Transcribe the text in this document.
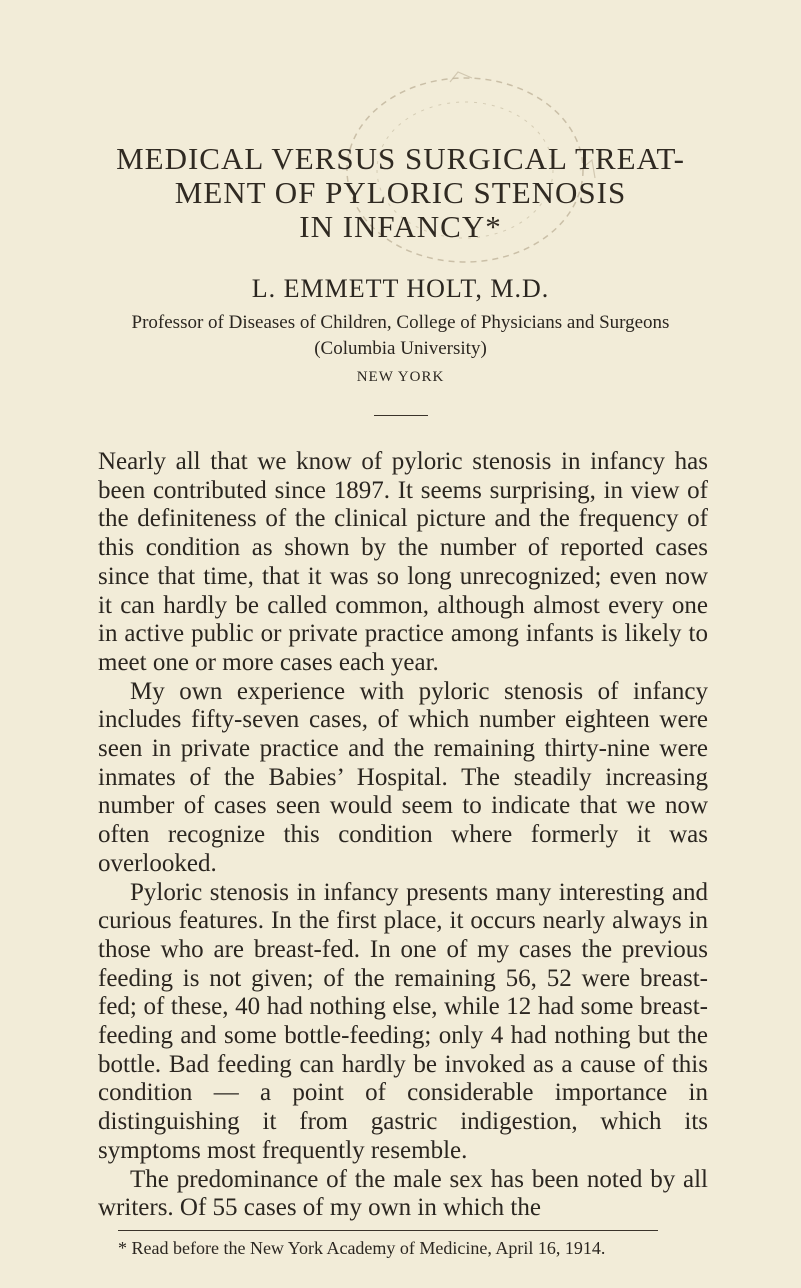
MEDICAL VERSUS SURGICAL TREAT-
MENT OF PYLORIC STENOSIS
IN INFANCY*
L. EMMETT HOLT, M.D.
Professor of Diseases of Children, College of Physicians and Surgeons
(Columbia University)
NEW YORK

Nearly all that we know of pyloric stenosis in infancy has been contributed since 1897. It seems surprising, in view of the definiteness of the clinical picture and the frequency of this condition as shown by the number of reported cases since that time, that it was so long unrecognized; even now it can hardly be called common, although almost every one in active public or private practice among infants is likely to meet one or more cases each year.

My own experience with pyloric stenosis of infancy includes fifty-seven cases, of which number eighteen were seen in private practice and the remaining thirty-nine were inmates of the Babies’ Hospital. The steadily increasing number of cases seen would seem to indicate that we now often recognize this condition where formerly it was overlooked.

Pyloric stenosis in infancy presents many interesting and curious features. In the first place, it occurs nearly always in those who are breast-fed. In one of my cases the previous feeding is not given; of the remaining 56, 52 were breast-fed; of these, 40 had nothing else, while 12 had some breast-feeding and some bottle-feeding; only 4 had nothing but the bottle. Bad feeding can hardly be invoked as a cause of this condition — a point of considerable importance in distinguishing it from gastric indigestion, which its symptoms most frequently resemble.

The predominance of the male sex has been noted by all writers. Of 55 cases of my own in which the

* Read before the New York Academy of Medicine, April 16, 1914.
